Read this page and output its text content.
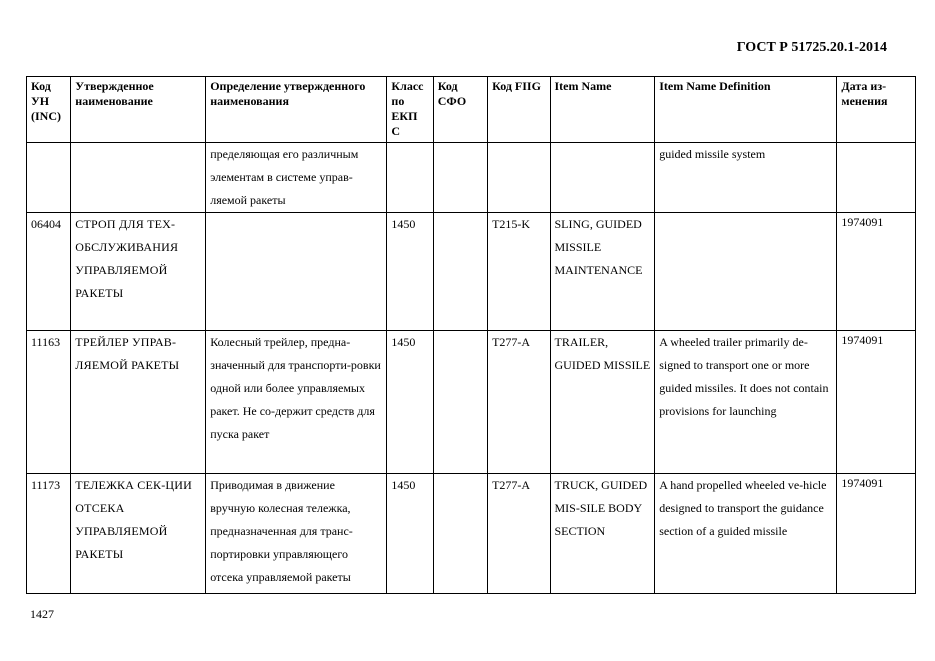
ГОСТ Р 51725.20.1-2014
Код УН (INC)	Утвержденное наименование	Определение утвержденного наименования	Класс по ЕКП С	Код СФО	Код FIIG	Item Name	Item Name Definition	Дата из-менения
		пределяющая его различным элементам в системе управ-ляемой ракеты					guided missile system	
06404	СТРОП ДЛЯ ТЕХ-ОБСЛУЖИВАНИЯ УПРАВЛЯЕМОЙ РАКЕТЫ		1450		T215-K	SLING, GUIDED MISSILE MAINTENANCE		1974091
11163	ТРЕЙЛЕР УПРАВ-ЛЯЕМОЙ РАКЕТЫ	Колесный трейлер, предна-значенный для транспорти-ровки одной или более управляемых ракет. Не со-держит средств для пуска ракет	1450		T277-A	TRAILER, GUIDED MISSILE	A wheeled trailer primarily de-signed to transport one or more guided missiles. It does not contain provisions for launching	1974091
11173	ТЕЛЕЖКА СЕК-ЦИИ ОТСЕКА УПРАВЛЯЕМОЙ РАКЕТЫ	Приводимая в движение вручную колесная тележка, предназначенная для транс-портировки управляющего отсека управляемой ракеты	1450		T277-A	TRUCK, GUIDED MIS-SILE BODY SECTION	A hand propelled wheeled ve-hicle designed to transport the guidance section of a guided missile	1974091
1427
